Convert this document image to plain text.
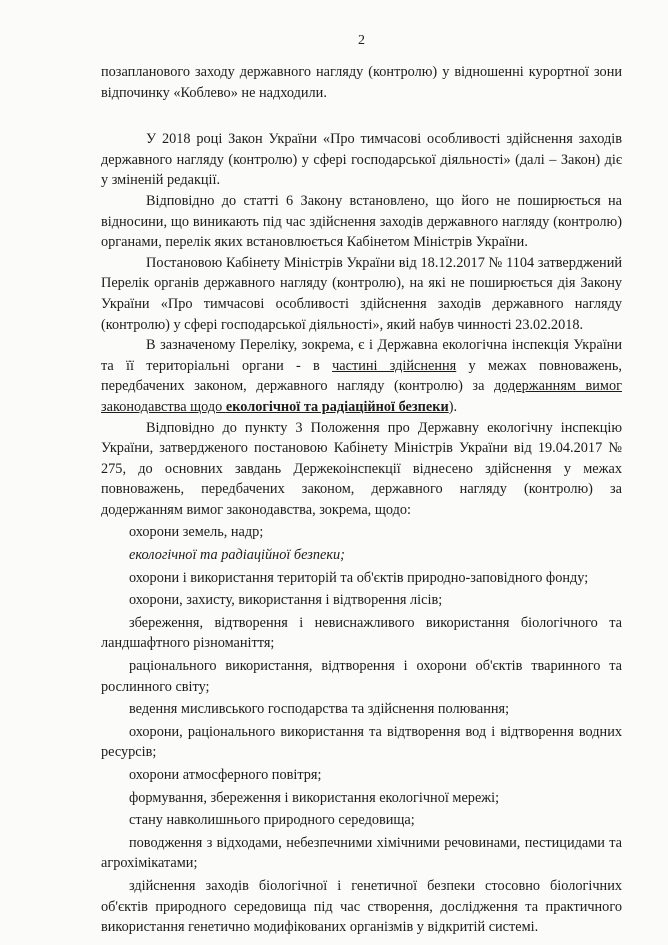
2

позапланового заходу державного нагляду (контролю) у відношенні курортної зони відпочинку «Коблево» не надходили.

У 2018 році Закон України «Про тимчасові особливості здійснення заходів державного нагляду (контролю) у сфері господарської діяльності» (далі – Закон) діє у зміненій редакції.

Відповідно до статті 6 Закону встановлено, що його не поширюється на відносини, що виникають під час здійснення заходів державного нагляду (контролю) органами, перелік яких встановлюється Кабінетом Міністрів України.

Постановою Кабінету Міністрів України від 18.12.2017 № 1104 затверджений Перелік органів державного нагляду (контролю), на які не поширюється дія Закону України «Про тимчасові особливості здійснення заходів державного нагляду (контролю) у сфері господарської діяльності», який набув чинності 23.02.2018.

В зазначеному Переліку, зокрема, є і Державна екологічна інспекція України та її територіальні органи - в частині здійснення у межах повноважень, передбачених законом, державного нагляду (контролю) за додержанням вимог законодавства щодо екологічної та радіаційної безпеки).

Відповідно до пункту 3 Положення про Державну екологічну інспекцію України, затвердженого постановою Кабінету Міністрів України від 19.04.2017 № 275, до основних завдань Держекоінспекції віднесено здійснення у межах повноважень, передбачених законом, державного нагляду (контролю) за додержанням вимог законодавства, зокрема, щодо:

охорони земель, надр;

екологічної та радіаційної безпеки;

охорони і використання територій та об'єктів природно-заповідного фонду;

охорони, захисту, використання і відтворення лісів;

збереження, відтворення і невиснажливого використання біологічного та ландшафтного різноманіття;

раціонального використання, відтворення і охорони об'єктів тваринного та рослинного світу;

ведення мисливського господарства та здійснення полювання;

охорони, раціонального використання та відтворення вод і відтворення водних ресурсів;

охорони атмосферного повітря;

формування, збереження і використання екологічної мережі;

стану навколишнього природного середовища;

поводження з відходами, небезпечними хімічними речовинами, пестицидами та агрохімікатами;

здійснення заходів біологічної і генетичної безпеки стосовно біологічних об'єктів природного середовища під час створення, дослідження та практичного використання генетично модифікованих організмів у відкритій системі.
